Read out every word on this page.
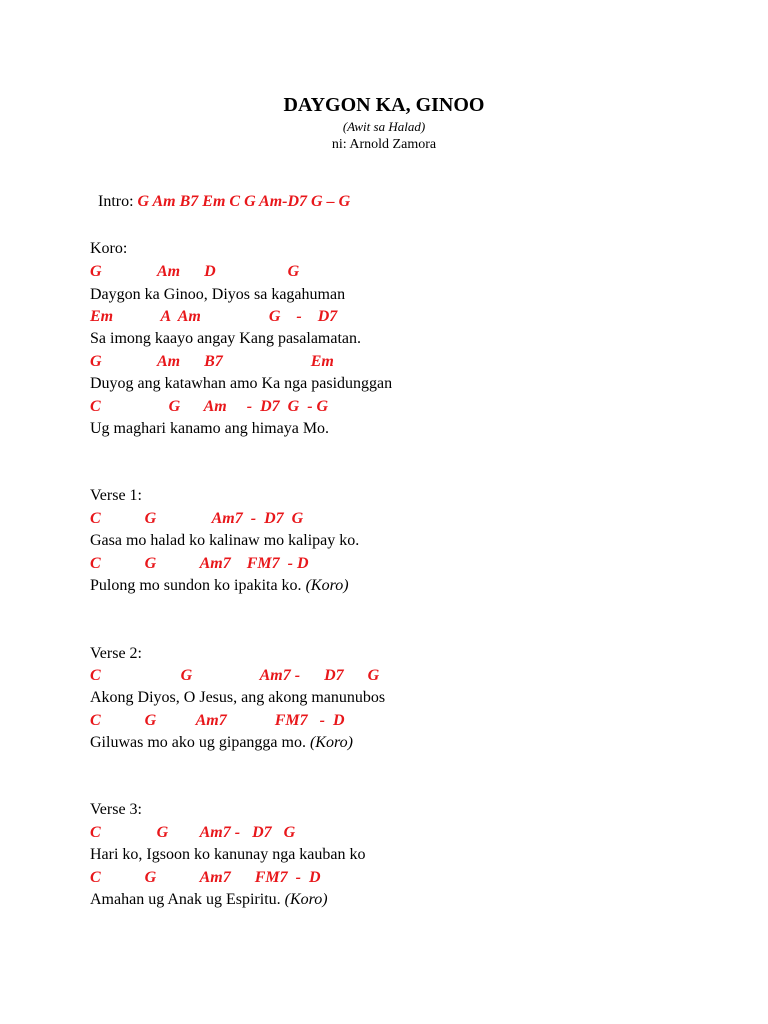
DAYGON KA, GINOO
(Awit sa Halad)
ni: Arnold Zamora

Intro: G Am B7 Em C G Am-D7 G – G

Koro:
G              Am      D                  G
Daygon ka Ginoo, Diyos sa kagahuman
Em            A  Am                 G    -    D7
Sa imong kaayo angay Kang pasalamatan.
G              Am      B7                      Em
Duyog ang katawhan amo Ka nga pasidunggan
C                 G      Am     -  D7  G  - G
Ug maghari kanamo ang himaya Mo.
Verse 1:
C           G              Am7  -  D7  G
Gasa mo halad ko kalinaw mo kalipay ko.
C           G           Am7    FM7  - D
Pulong mo sundon ko ipakita ko. (Koro)
Verse 2:
C                    G                 Am7 -      D7      G
Akong Diyos, O Jesus, ang akong manunubos
C           G          Am7            FM7   -  D
Giluwas mo ako ug gipangga mo. (Koro)
Verse 3:
C              G        Am7 -   D7   G
Hari ko, Igsoon ko kanunay nga kauban ko
C           G           Am7      FM7  -  D
Amahan ug Anak ug Espiritu. (Koro)
